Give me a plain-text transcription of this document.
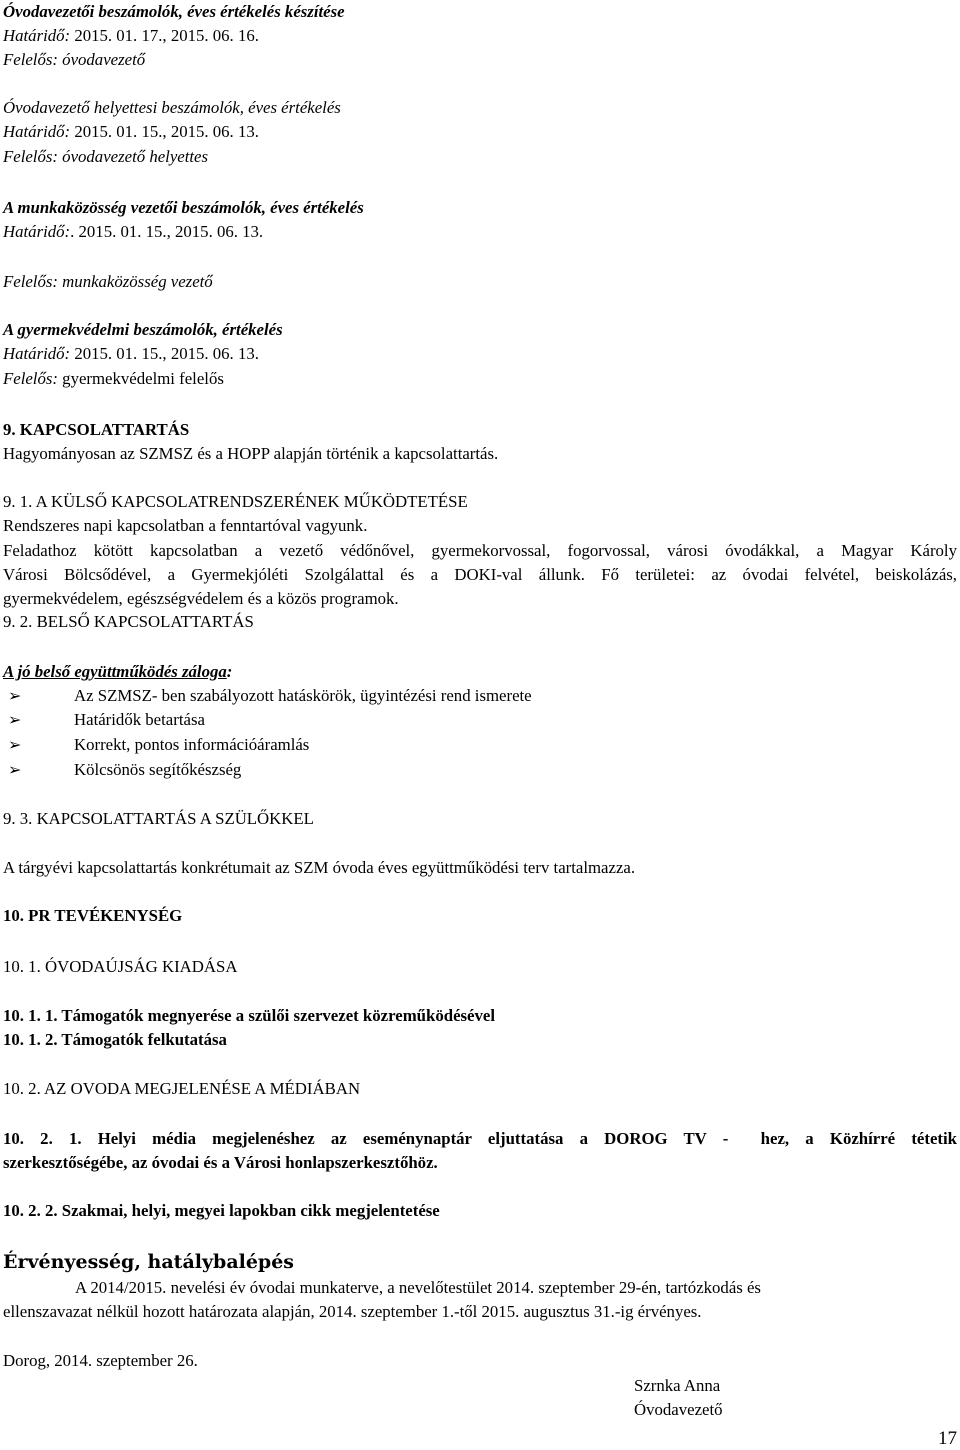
Óvodavezetői beszámolók, éves értékelés készítése
Határidő: 2015. 01. 17., 2015. 06. 16.
Felelős: óvodavezető
Óvodavezető helyettesi beszámolók, éves értékelés
Határidő: 2015. 01. 15., 2015. 06. 13.
Felelős: óvodavezető helyettes
A munkaközösség vezetői beszámolók, éves értékelés
Határidő:. 2015. 01. 15., 2015. 06. 13.
Felelős: munkaközösség vezető
A gyermekvédelmi beszámolók, értékelés
Határidő: 2015. 01. 15., 2015. 06. 13.
Felelős: gyermekvédelmi felelős
9. KAPCSOLATTARTÁS
Hagyományosan az SZMSZ és a HOPP alapján történik a kapcsolattartás.
9. 1. A KÜLSŐ KAPCSOLATRENDSZERÉNEK MŰKÖDTETÉSE
Rendszeres napi kapcsolatban a fenntartóval vagyunk.
Feladathoz kötött kapcsolatban a vezető védőnővel, gyermekorvossal, fogorvossal, városi óvodákkal, a Magyar Károly
Városi Bölcsődével, a Gyermekjóléti Szolgálattal és a DOKI-val állunk. Fő területei: az óvodai felvétel, beiskolázás,
gyermekvédelem, egészségvédelem és a közös programok.
9. 2. BELSŐ KAPCSOLATTARTÁS
A jó belső együttműködés záloga:
➢	Az SZMSZ- ben szabályozott hatáskörök, ügyintézési rend ismerete
➢	Határidők betartása
➢	Korrekt, pontos információáramlás
➢	Kölcsönös segítőkészség
9. 3. KAPCSOLATTARTÁS A SZÜLŐKKEL
A tárgyévi kapcsolattartás konkrétumait az SZM óvoda éves együttműködési terv tartalmazza.
10. PR TEVÉKENYSÉG
10. 1. ÓVODAÚJSÁG KIADÁSA
10. 1. 1. Támogatók megnyerése a szülői szervezet közreműködésével
10. 1. 2. Támogatók felkutatása
10. 2. AZ OVODA MEGJELENÉSE A MÉDIÁBAN
10.  2.  1.  Helyi  média  megjelenéshez  az  eseménynaptár  eljuttatása  a  DOROG  TV  -    hez,  a  Közhírré  tétetik
szerkesztőségébe, az óvodai és a Városi honlapszerkesztőhöz.
10. 2. 2. Szakmai, helyi, megyei lapokban cikk megjelentetése
Érvényesség, hatálybalépés
A 2014/2015. nevelési év óvodai munkaterve, a nevelőtestület 2014. szeptember 29-én, tartózkodás és
ellenszavazat nélkül hozott határozata alapján, 2014. szeptember 1.-től 2015. augusztus 31.-ig érvényes.
Dorog, 2014. szeptember 26.
Szrnka Anna
Óvodavezető
17
